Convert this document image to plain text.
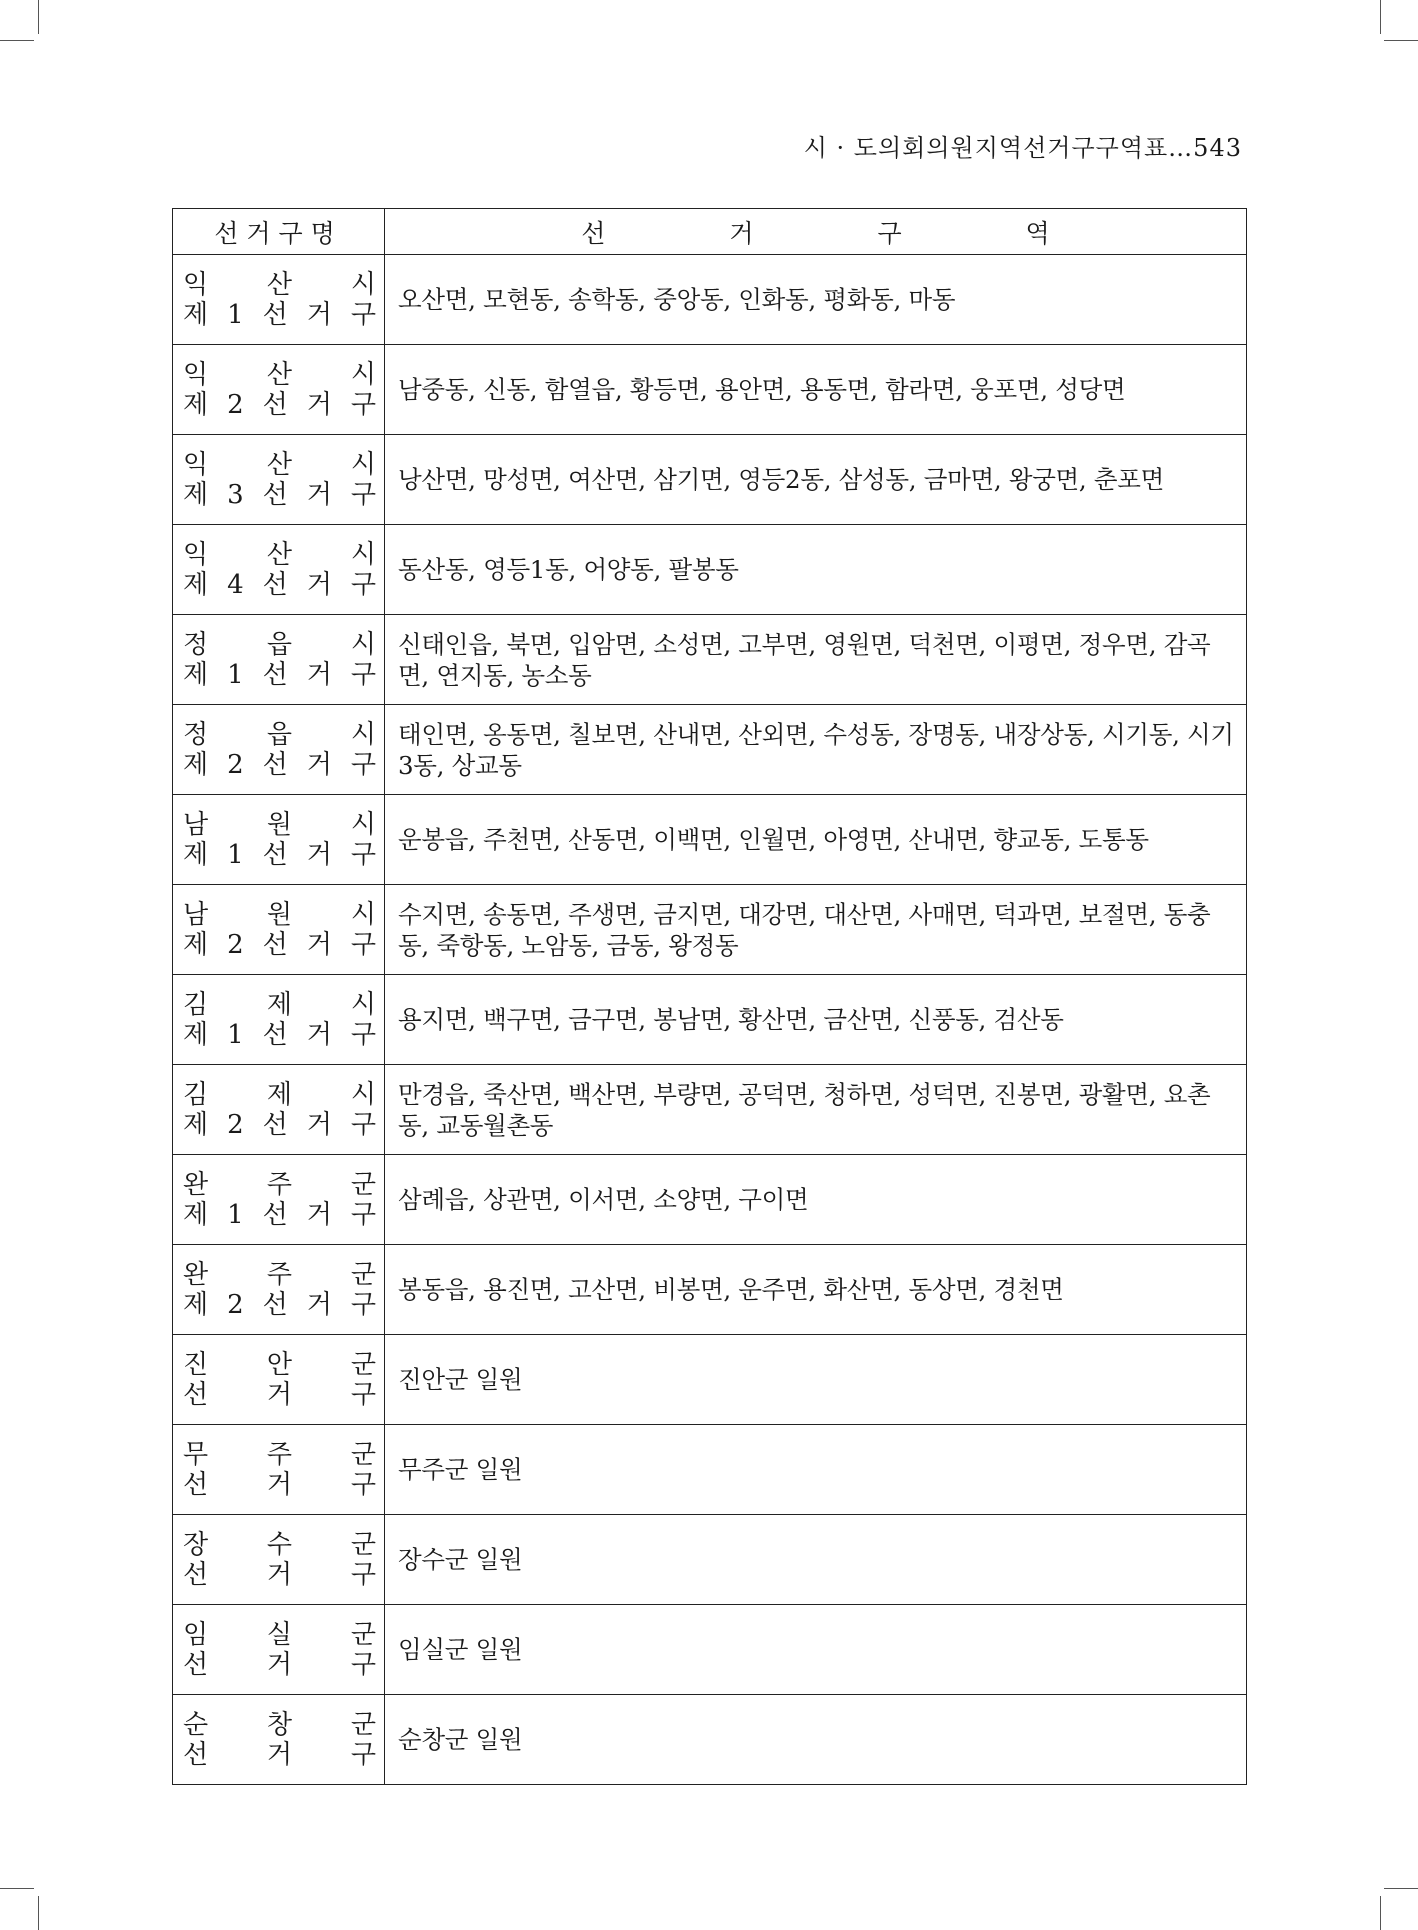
시 · 도의회의원지역선거구구역표…543
선거구명	선 거 구 역

익 산 시
제 1 선 거 구	오산면, 모현동, 송학동, 중앙동, 인화동, 평화동, 마동

익 산 시
제 2 선 거 구	남중동, 신동, 함열읍, 황등면, 용안면, 용동면, 함라면, 웅포면, 성당면

익 산 시
제 3 선 거 구	낭산면, 망성면, 여산면, 삼기면, 영등2동, 삼성동, 금마면, 왕궁면, 춘포면

익 산 시
제 4 선 거 구	동산동, 영등1동, 어양동, 팔봉동

정 읍 시
제 1 선 거 구	신태인읍, 북면, 입암면, 소성면, 고부면, 영원면, 덕천면, 이평면, 정우면, 감곡면, 연지동, 농소동

정 읍 시
제 2 선 거 구	태인면, 옹동면, 칠보면, 산내면, 산외면, 수성동, 장명동, 내장상동, 시기동, 시기3동, 상교동

남 원 시
제 1 선 거 구	운봉읍, 주천면, 산동면, 이백면, 인월면, 아영면, 산내면, 향교동, 도통동

남 원 시
제 2 선 거 구	수지면, 송동면, 주생면, 금지면, 대강면, 대산면, 사매면, 덕과면, 보절면, 동충동, 죽항동, 노암동, 금동, 왕정동

김 제 시
제 1 선 거 구	용지면, 백구면, 금구면, 봉남면, 황산면, 금산면, 신풍동, 검산동

김 제 시
제 2 선 거 구	만경읍, 죽산면, 백산면, 부량면, 공덕면, 청하면, 성덕면, 진봉면, 광활면, 요촌동, 교동월촌동

완 주 군
제 1 선 거 구	삼례읍, 상관면, 이서면, 소양면, 구이면

완 주 군
제 2 선 거 구	봉동읍, 용진면, 고산면, 비봉면, 운주면, 화산면, 동상면, 경천면

진 안 군
선 거 구	진안군 일원

무 주 군
선 거 구	무주군 일원

장 수 군
선 거 구	장수군 일원

임 실 군
선 거 구	임실군 일원

순 창 군
선 거 구	순창군 일원
